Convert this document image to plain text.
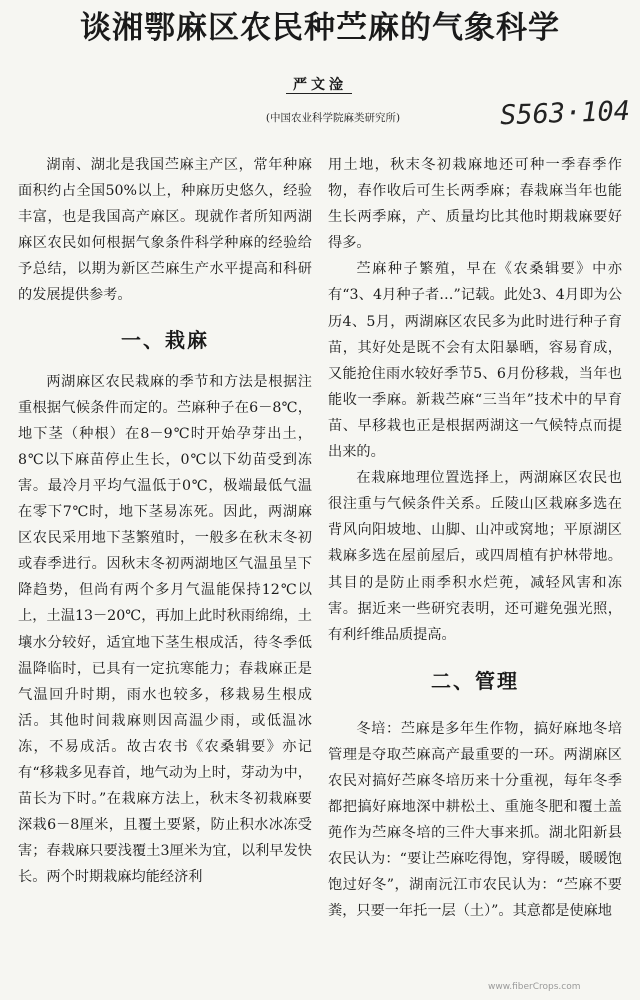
谈湘鄂麻区农民种苎麻的气象科学
严文淦
(中国农业科学院麻类研究所)	S563·104

湖南、湖北是我国苎麻主产区，常年种麻面积约占全国50%以上，种麻历史悠久，经验丰富，也是我国高产麻区。现就作者所知两湖麻区农民如何根据气象条件科学种麻的经验给予总结，以期为新区苎麻生产水平提高和科研的发展提供参考。

一、栽麻

两湖麻区农民栽麻的季节和方法是根据注重根据气候条件而定的。苎麻种子在6－8℃，地下茎（种根）在8－9℃时开始孕芽出土，8℃以下麻苗停止生长，0℃以下幼苗受到冻害。最冷月平均气温低于0℃，极端最低气温在零下7℃时，地下茎易冻死。因此，两湖麻区农民采用地下茎繁殖时，一般多在秋末冬初或春季进行。因秋末冬初两湖地区气温虽呈下降趋势，但尚有两个多月气温能保持12℃以上，土温13－20℃，再加上此时秋雨绵绵，土壤水分较好，适宜地下茎生根成活，待冬季低温降临时，已具有一定抗寒能力；春栽麻正是气温回升时期，雨水也较多，移栽易生根成活。其他时间栽麻则因高温少雨，或低温冰冻，不易成活。故古农书《农桑辑要》亦记有“移栽多见春首，地气动为上时，芽动为中，苗长为下时。”在栽麻方法上，秋末冬初栽麻要深栽6－8厘米，且覆土要紧，防止积水冰冻受害；春栽麻只要浅覆土3厘米为宜，以利早发快长。两个时期栽麻均能经济利

用土地，秋末冬初栽麻地还可种一季春季作物，春作收后可生长两季麻；春栽麻当年也能生长两季麻，产、质量均比其他时期栽麻要好得多。

苎麻种子繁殖，早在《农桑辑要》中亦有“3、4月种子者…”记载。此处3、4月即为公历4、5月，两湖麻区农民多为此时进行种子育苗，其好处是既不会有太阳暴晒，容易育成，又能抢住雨水较好季节5、6月份移栽，当年也能收一季麻。新栽苎麻“三当年”技术中的早育苗、早移栽也正是根据两湖这一气候特点而提出来的。

在栽麻地理位置选择上，两湖麻区农民也很注重与气候条件关系。丘陵山区栽麻多选在背风向阳坡地、山脚、山冲或窝地；平原湖区栽麻多选在屋前屋后，或四周植有护林带地。其目的是防止雨季积水烂蔸，减轻风害和冻害。据近来一些研究表明，还可避免强光照，有利纤维品质提高。

二、管理

冬培：苎麻是多年生作物，搞好麻地冬培管理是夺取苎麻高产最重要的一环。两湖麻区农民对搞好苎麻冬培历来十分重视，每年冬季都把搞好麻地深中耕松土、重施冬肥和覆土盖蔸作为苎麻冬培的三件大事来抓。湖北阳新县农民认为：“要让苎麻吃得饱，穿得暖，暖暖饱饱过好冬”，湖南沅江市农民认为：“苎麻不要粪，只要一年托一层（土）”。其意都是使麻地

www.fiberCrops.com
